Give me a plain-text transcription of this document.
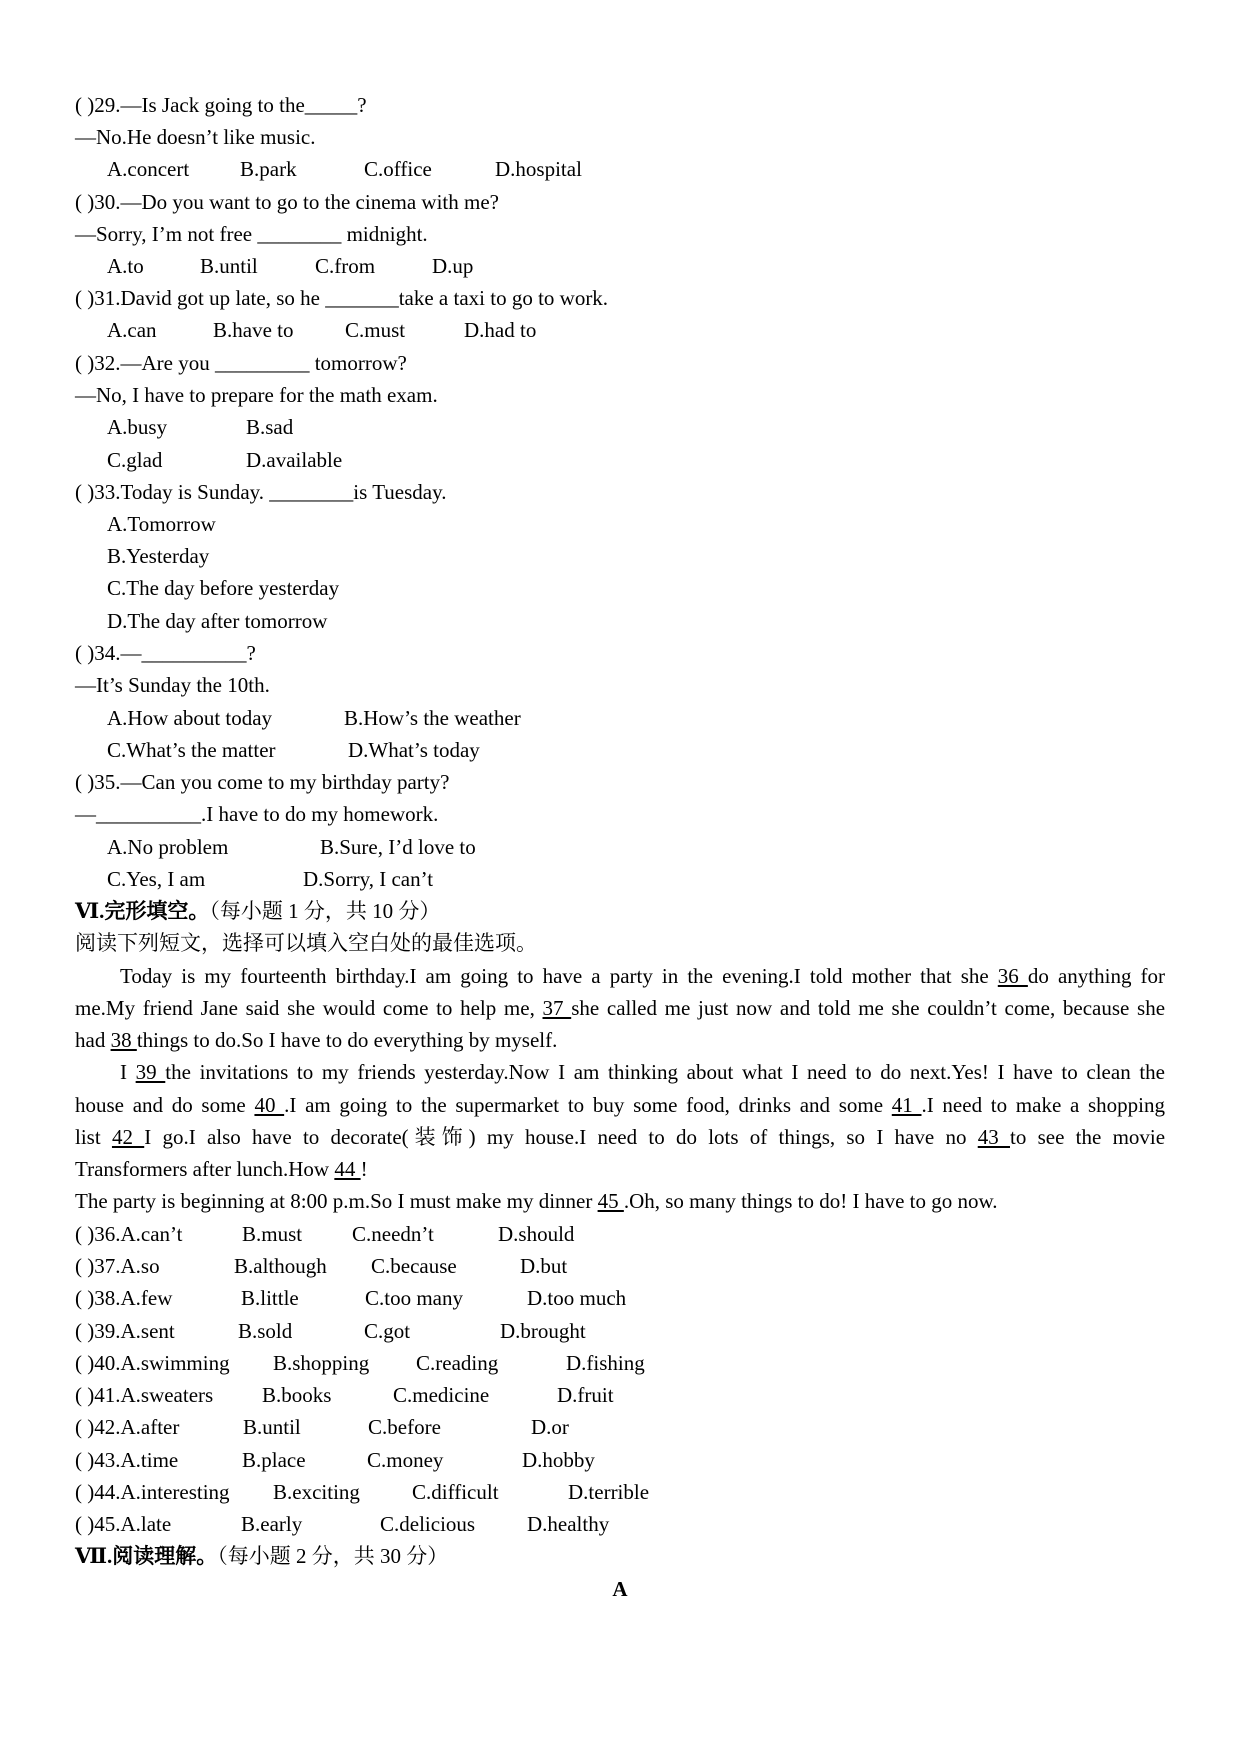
( )29.—Is Jack going to the_____?
—No.He doesn’t like music.
A.concert B.park	C.office	D.hospital
( )30.—Do you want to go to the cinema with me?
—Sorry, I’m not free ________ midnight.
A.to	B.until	C.from	D.up
( )31.David got up late, so he _______take a taxi to go to work.
A.can	B.have to C.must	D.had to
( )32.—Are you _________ tomorrow?
—No, I have to prepare for the math exam.
A.busy	B.sad
C.glad	D.available
( )33.Today is Sunday. ________is Tuesday.
A.Tomorrow
B.Yesterday
C.The day before yesterday
D.The day after tomorrow
( )34.—__________?
—It’s Sunday the 10th.
A.How about today	B.How’s the weather
C.What’s the matter	D.What’s today
( )35.—Can you come to my birthday party?
—__________.I have to do my homework.
A.No problem	B.Sure, I’d love to
C.Yes, I am	D.Sorry, I can’t
Ⅵ.完形填空。（每小题 1 分，共 10 分）
阅读下列短文，选择可以填入空白处的最佳选项。
Today is my fourteenth birthday.I am going to have a party in the evening.I told mother that she 36 do anything for
me.My friend Jane said she would come to help me, 37 she called me just now and told me she couldn’t come, because she
had 38 things to do.So I have to do everything by myself.
I 39 the invitations to my friends yesterday.Now I am thinking about what I need to do next.Yes! I have to clean the
house and do some 40 .I am going to the supermarket to buy some food, drinks and some 41 .I need to make a shopping
list 42 I go.I also have to decorate(装饰) my house.I need to do lots of things, so I have no 43 to see the movie
Transformers after lunch.How 44 !
The party is beginning at 8:00 p.m.So I must make my dinner 45 .Oh, so many things to do! I have to go now.
( )36.A.can’t	B.must C.needn’t	D.should
( )37.A.so	B.although C.because	D.but
( )38.A.few	B.little	C.too many	D.too much
( )39.A.sent	B.sold	C.got	D.brought
( )40.A.swimming B.shopping C.reading	D.fishing
( )41.A.sweaters B.books	C.medicine	D.fruit
( )42.A.after	B.until	C.before	D.or
( )43.A.time	B.place	C.money	D.hobby
( )44.A.interesting B.exciting C.difficult	D.terrible
( )45.A.late	B.early	C.delicious D.healthy
Ⅶ.阅读理解。（每小题 2 分，共 30 分）
A
